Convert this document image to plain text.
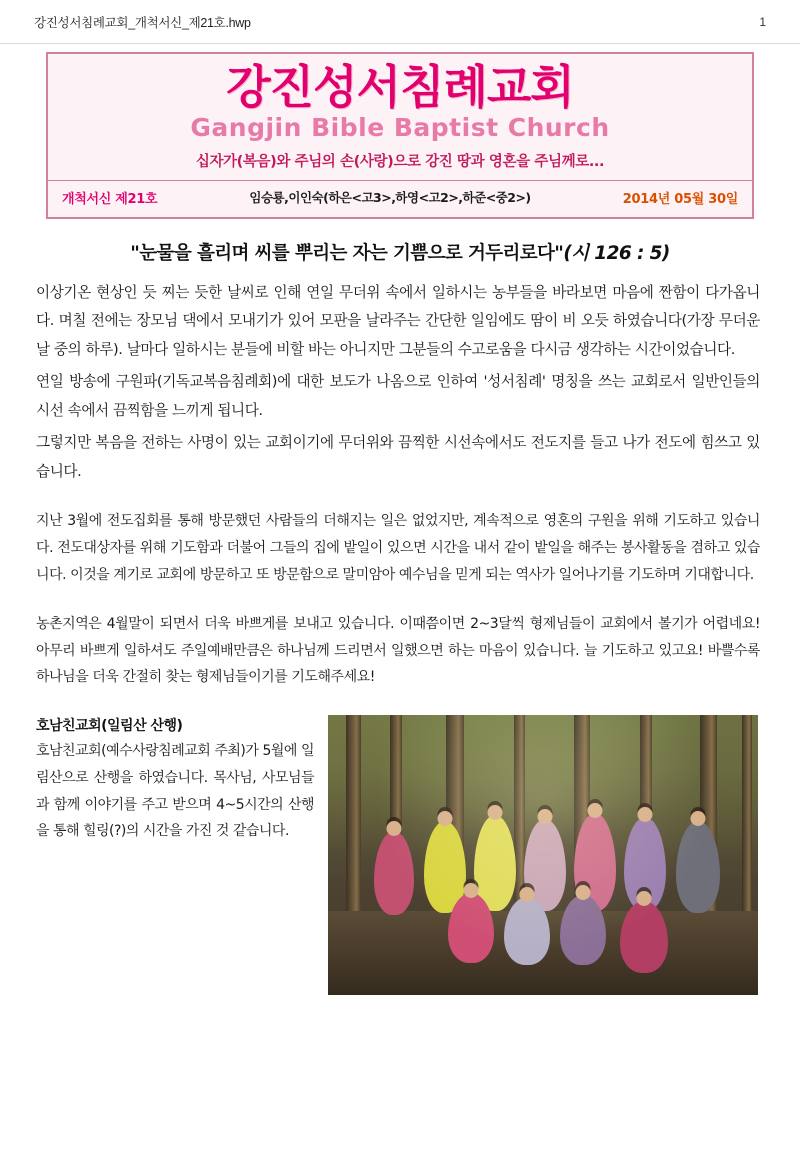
강진성서침례교회_개척서신_제21호.hwp	1
강진성서침례교회
Gangjin Bible Baptist Church
십자가(복음)와 주님의 손(사랑)으로 강진 땅과 영혼을 주님께로...
개척서신 제21호	임승룡,이인숙(하은<고3>,하영<고2>,하준<중2>)	2014년 05월 30일
"눈물을 흘리며 씨를 뿌리는 자는 기쁨으로 거두리로다"(시 126 : 5)
이상기온 현상인 듯 찌는 듯한 날씨로 인해 연일 무더위 속에서 일하시는 농부들을 바라보면 마음에 짠함이 다가옵니다. 며칠 전에는 장모님 댁에서 모내기가 있어 모판을 날라주는 간단한 일임에도 땀이 비 오듯 하였습니다(가장 무더운 날 중의 하루). 날마다 일하시는 분들에 비할 바는 아니지만 그분들의 수고로움을 다시금 생각하는 시간이었습니다.
연일 방송에 구원파(기독교복음침례회)에 대한 보도가 나옴으로 인하여 '성서침례' 명칭을 쓰는 교회로서 일반인들의 시선 속에서 끔찍함을 느끼게 됩니다.
그렇지만 복음을 전하는 사명이 있는 교회이기에 무더위와 끔찍한 시선속에서도 전도지를 들고 나가 전도에 힘쓰고 있습니다.
지난 3월에 전도집회를 통해 방문했던 사람들의 더해지는 일은 없었지만, 계속적으로 영혼의 구원을 위해 기도하고 있습니다. 전도대상자를 위해 기도함과 더불어 그들의 집에 밭일이 있으면 시간을 내서 같이 밭일을 해주는 봉사활동을 겸하고 있습니다. 이것을 계기로 교회에 방문하고 또 방문함으로 말미암아 예수님을 믿게 되는 역사가 일어나기를 기도하며 기대합니다.
농촌지역은 4월말이 되면서 더욱 바쁘게를 보내고 있습니다. 이때쯤이면 2~3달씩 형제님들이 교회에서 볼기가 어렵네요! 아무리 바쁘게 일하셔도 주일예배만큼은 하나님께 드리면서 일했으면 하는 마음이 있습니다. 늘 기도하고 있고요! 바쁠수록 하나님을 더욱 간절히 찾는 형제님들이기를 기도해주세요!
호남친교회(일림산 산행)

호남친교회(예수사랑침례교회 주최)가 5월에 일림산으로 산행을 하였습니다. 목사님, 사모님들과 함께 이야기를 주고 받으며 4~5시간의 산행을 통해 힐링(?)의 시간을 가진 것 같습니다.
